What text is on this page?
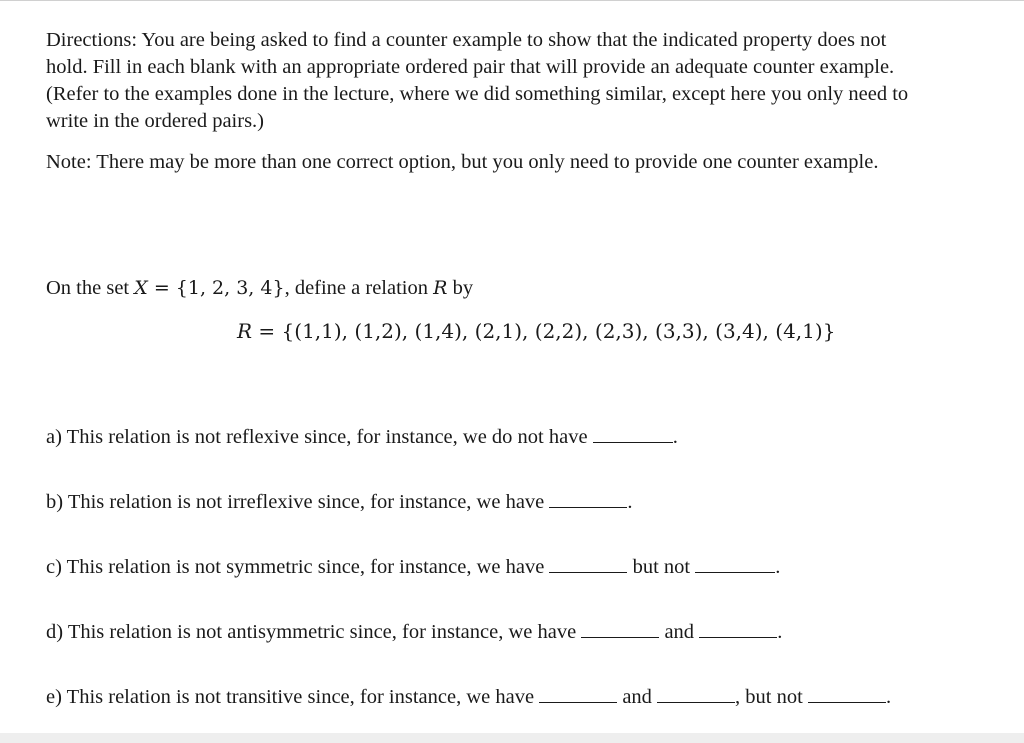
Directions: You are being asked to find a counter example to show that the indicated property does not

hold. Fill in each blank with an appropriate ordered pair that will provide an adequate counter example.

(Refer to the examples done in the lecture, where we did something similar, except here you only need to

write in the ordered pairs.)

Note: There may be more than one correct option, but you only need to provide one counter example.

On the set X = {1, 2, 3, 4}, define a relation R by
R = {(1,1), (1,2), (1,4), (2,1), (2,2), (2,3), (3,3), (3,4), (4,1)}
a) This relation is not reflexive since, for instance, we do not have	.
b) This relation is not irreflexive since, for instance, we have	.
c) This relation is not symmetric since, for instance, we have	but not	.
d) This relation is not antisymmetric since, for instance, we have	and	.
e) This relation is not transitive since, for instance, we have	and	, but not	.
